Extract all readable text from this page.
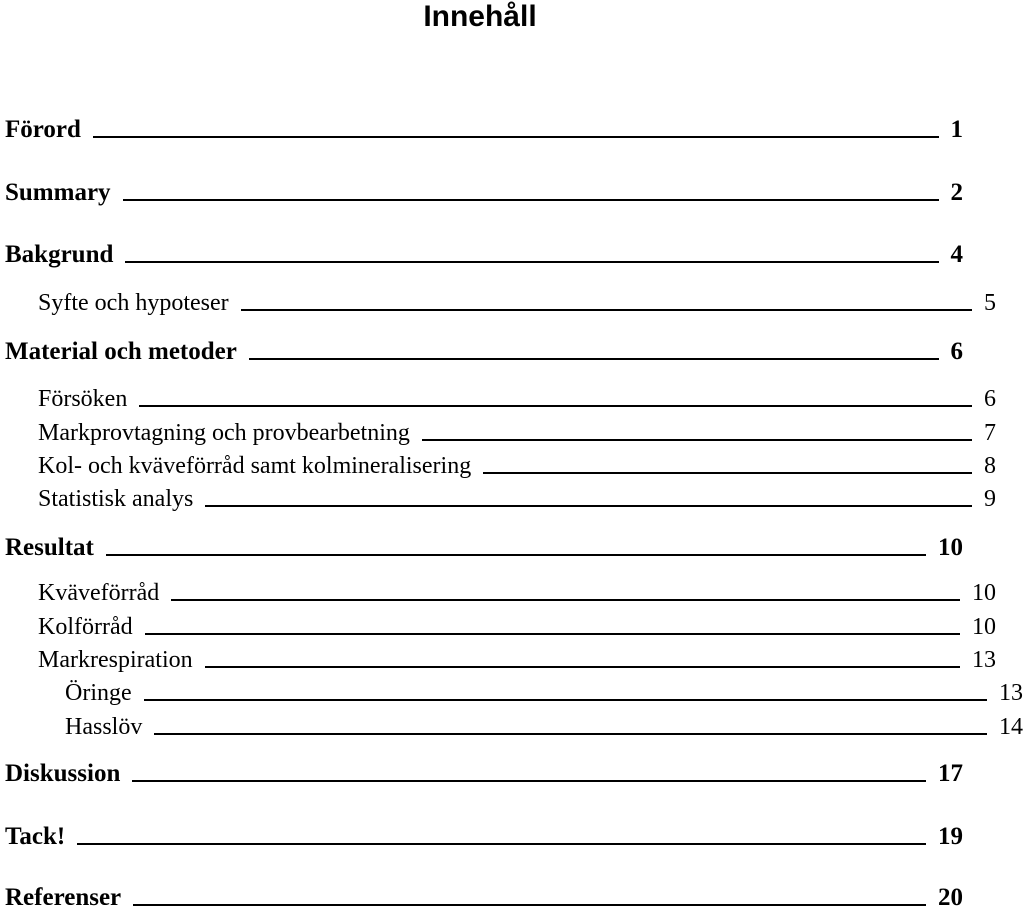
Innehåll
Förord	1
Summary	2
Bakgrund	4
Syfte och hypoteser	5
Material och metoder	6
Försöken	6
Markprovtagning och provbearbetning	7
Kol- och kväveförråd samt kolmineralisering	8
Statistisk analys	9
Resultat	10
Kväveförråd	10
Kolförråd	10
Markrespiration	13
Öringe	13
Hasslöv	14
Diskussion	17
Tack!	19
Referenser	20
